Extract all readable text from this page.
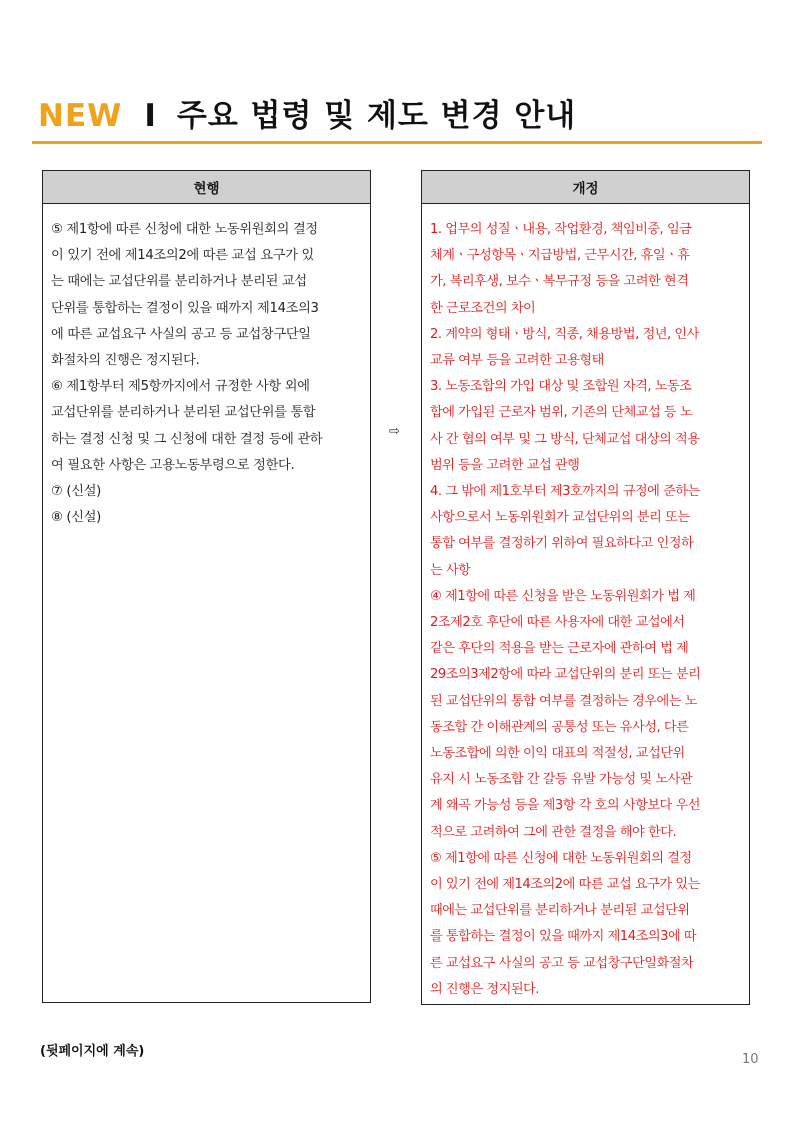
NEW I 주요 법령 및 제도 변경 안내
현행
⑤ 제1항에 따른 신청에 대한 노동위원회의 결정
이 있기 전에 제14조의2에 따른 교섭 요구가 있
는 때에는 교섭단위를 분리하거나 분리된 교섭
단위를 통합하는 결정이 있을 때까지 제14조의3
에 따른 교섭요구 사실의 공고 등 교섭창구단일
화절차의 진행은 정지된다.
⑥ 제1항부터 제5항까지에서 규정한 사항 외에
교섭단위를 분리하거나 분리된 교섭단위를 통합
하는 결정 신청 및 그 신청에 대한 결정 등에 관하
여 필요한 사항은 고용노동부령으로 정한다.
⑦ (신설)
⑧ (신설)
⇨
개정
1. 업무의 성질ㆍ내용, 작업환경, 책임비중, 임금
체계ㆍ구성항목ㆍ지급방법, 근무시간, 휴일ㆍ휴
가, 복리후생, 보수ㆍ복무규정 등을 고려한 현격
한 근로조건의 차이
2. 계약의 형태ㆍ방식, 직종, 채용방법, 정년, 인사
교류 여부 등을 고려한 고용형태
3. 노동조합의 가입 대상 및 조합원 자격, 노동조
합에 가입된 근로자 범위, 기존의 단체교섭 등 노
사 간 협의 여부 및 그 방식, 단체교섭 대상의 적용
범위 등을 고려한 교섭 관행
4. 그 밖에 제1호부터 제3호까지의 규정에 준하는
사항으로서 노동위원회가 교섭단위의 분리 또는
통합 여부를 결정하기 위하여 필요하다고 인정하
는 사항
④ 제1항에 따른 신청을 받은 노동위원회가 법 제
2조제2호 후단에 따른 사용자에 대한 교섭에서
같은 후단의 적용을 받는 근로자에 관하여 법 제
29조의3제2항에 따라 교섭단위의 분리 또는 분리
된 교섭단위의 통합 여부를 결정하는 경우에는 노
동조합 간 이해관계의 공통성 또는 유사성, 다른
노동조합에 의한 이익 대표의 적절성, 교섭단위
유지 시 노동조합 간 갈등 유발 가능성 및 노사관
계 왜곡 가능성 등을 제3항 각 호의 사항보다 우선
적으로 고려하여 그에 관한 결정을 해야 한다.
⑤ 제1항에 따른 신청에 대한 노동위원회의 결정
이 있기 전에 제14조의2에 따른 교섭 요구가 있는
때에는 교섭단위를 분리하거나 분리된 교섭단위
를 통합하는 결정이 있을 때까지 제14조의3에 따
른 교섭요구 사실의 공고 등 교섭창구단일화절차
의 진행은 정지된다.
(뒷페이지에 계속)
10
